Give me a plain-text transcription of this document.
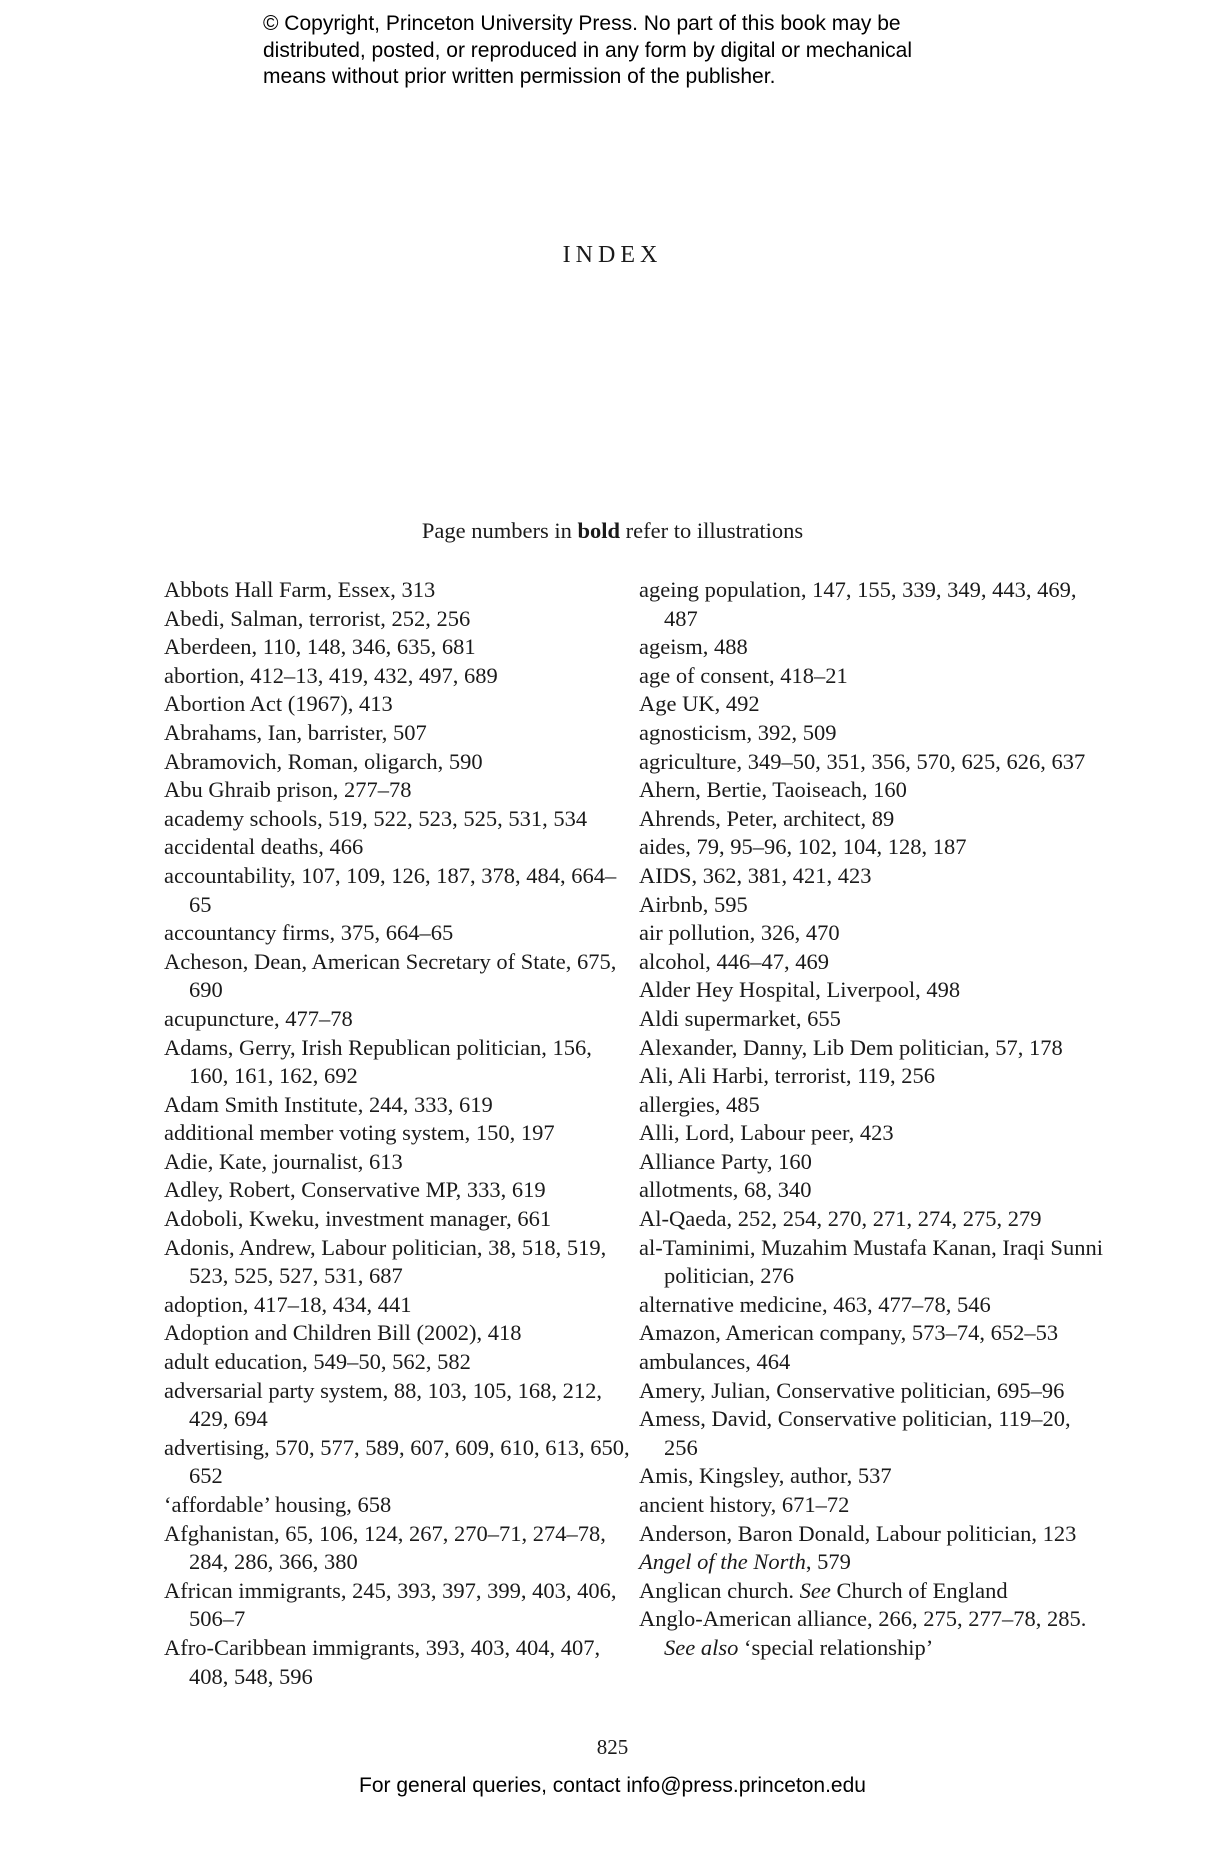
© Copyright, Princeton University Press. No part of this book may be
distributed, posted, or reproduced in any form by digital or mechanical
means without prior written permission of the publisher.
INDEX
Page numbers in bold refer to illustrations
Abbots Hall Farm, Essex, 313
Abedi, Salman, terrorist, 252, 256
Aberdeen, 110, 148, 346, 635, 681
abortion, 412–13, 419, 432, 497, 689
Abortion Act (1967), 413
Abrahams, Ian, barrister, 507
Abramovich, Roman, oligarch, 590
Abu Ghraib prison, 277–78
academy schools, 519, 522, 523, 525, 531, 534
accidental deaths, 466
accountability, 107, 109, 126, 187, 378, 484, 664–65
accountancy firms, 375, 664–65
Acheson, Dean, American Secretary of State, 675, 690
acupuncture, 477–78
Adams, Gerry, Irish Republican politician, 156, 160, 161, 162, 692
Adam Smith Institute, 244, 333, 619
additional member voting system, 150, 197
Adie, Kate, journalist, 613
Adley, Robert, Conservative MP, 333, 619
Adoboli, Kweku, investment manager, 661
Adonis, Andrew, Labour politician, 38, 518, 519, 523, 525, 527, 531, 687
adoption, 417–18, 434, 441
Adoption and Children Bill (2002), 418
adult education, 549–50, 562, 582
adversarial party system, 88, 103, 105, 168, 212, 429, 694
advertising, 570, 577, 589, 607, 609, 610, 613, 650, 652
‘affordable’ housing, 658
Afghanistan, 65, 106, 124, 267, 270–71, 274–78, 284, 286, 366, 380
African immigrants, 245, 393, 397, 399, 403, 406, 506–7
Afro-Caribbean immigrants, 393, 403, 404, 407, 408, 548, 596
ageing population, 147, 155, 339, 349, 443, 469, 487
ageism, 488
age of consent, 418–21
Age UK, 492
agnosticism, 392, 509
agriculture, 349–50, 351, 356, 570, 625, 626, 637
Ahern, Bertie, Taoiseach, 160
Ahrends, Peter, architect, 89
aides, 79, 95–96, 102, 104, 128, 187
AIDS, 362, 381, 421, 423
Airbnb, 595
air pollution, 326, 470
alcohol, 446–47, 469
Alder Hey Hospital, Liverpool, 498
Aldi supermarket, 655
Alexander, Danny, Lib Dem politician, 57, 178
Ali, Ali Harbi, terrorist, 119, 256
allergies, 485
Alli, Lord, Labour peer, 423
Alliance Party, 160
allotments, 68, 340
Al-Qaeda, 252, 254, 270, 271, 274, 275, 279
al-Taminimi, Muzahim Mustafa Kanan, Iraqi Sunni politician, 276
alternative medicine, 463, 477–78, 546
Amazon, American company, 573–74, 652–53
ambulances, 464
Amery, Julian, Conservative politician, 695–96
Amess, David, Conservative politician, 119–20, 256
Amis, Kingsley, author, 537
ancient history, 671–72
Anderson, Baron Donald, Labour politician, 123
Angel of the North, 579
Anglican church. See Church of England
Anglo-American alliance, 266, 275, 277–78, 285. See also ‘special relationship’
825
For general queries, contact info@press.princeton.edu
